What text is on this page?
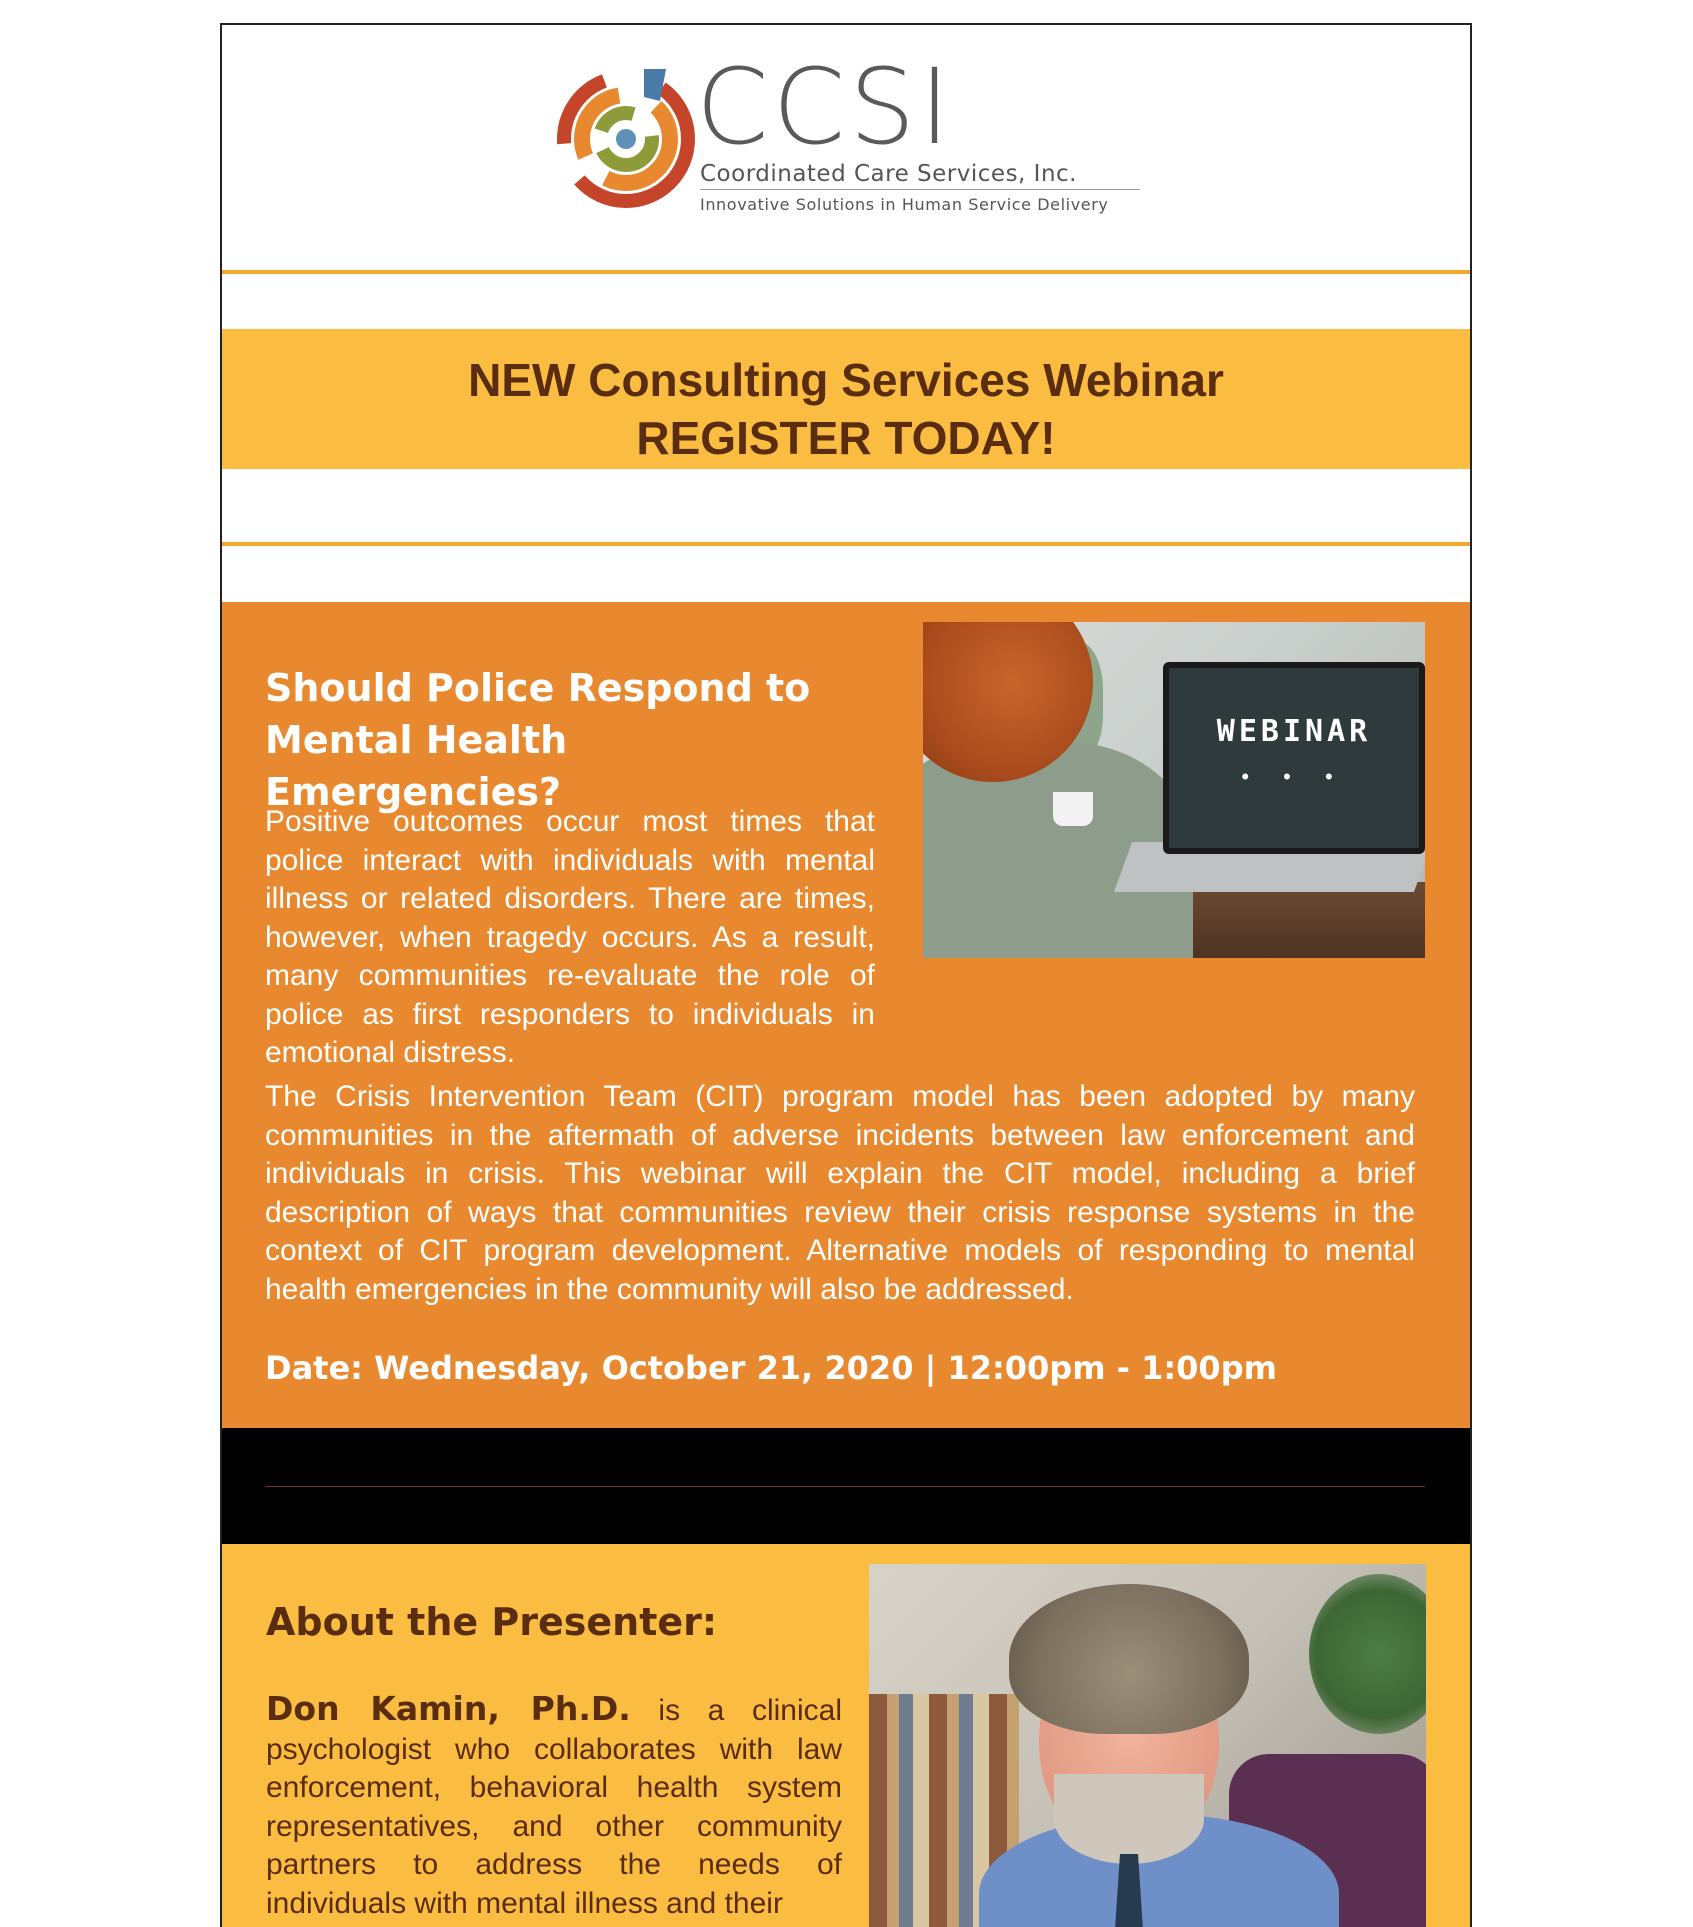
CCSI
Coordinated Care Services, Inc.
Innovative Solutions in Human Service Delivery
NEW Consulting Services Webinar
REGISTER TODAY!
Should Police Respond to
Mental Health Emergencies?
Positive outcomes occur most times that police interact with individuals with mental illness or related disorders. There are times, however, when tragedy occurs. As a result, many communities re-evaluate the role of police as first responders to individuals in emotional distress.
WEBINAR
• • •
The Crisis Intervention Team (CIT) program model has been adopted by many communities in the aftermath of adverse incidents between law enforcement and individuals in crisis. This webinar will explain the CIT model, including a brief description of ways that communities review their crisis response systems in the context of CIT program development. Alternative models of responding to mental health emergencies in the community will also be addressed.
Date: Wednesday, October 21, 2020 | 12:00pm - 1:00pm
About the Presenter:
Don Kamin, Ph.D. is a clinical psychologist who collaborates with law enforcement, behavioral health system representatives, and other community partners to address the needs of individuals with mental illness and their
